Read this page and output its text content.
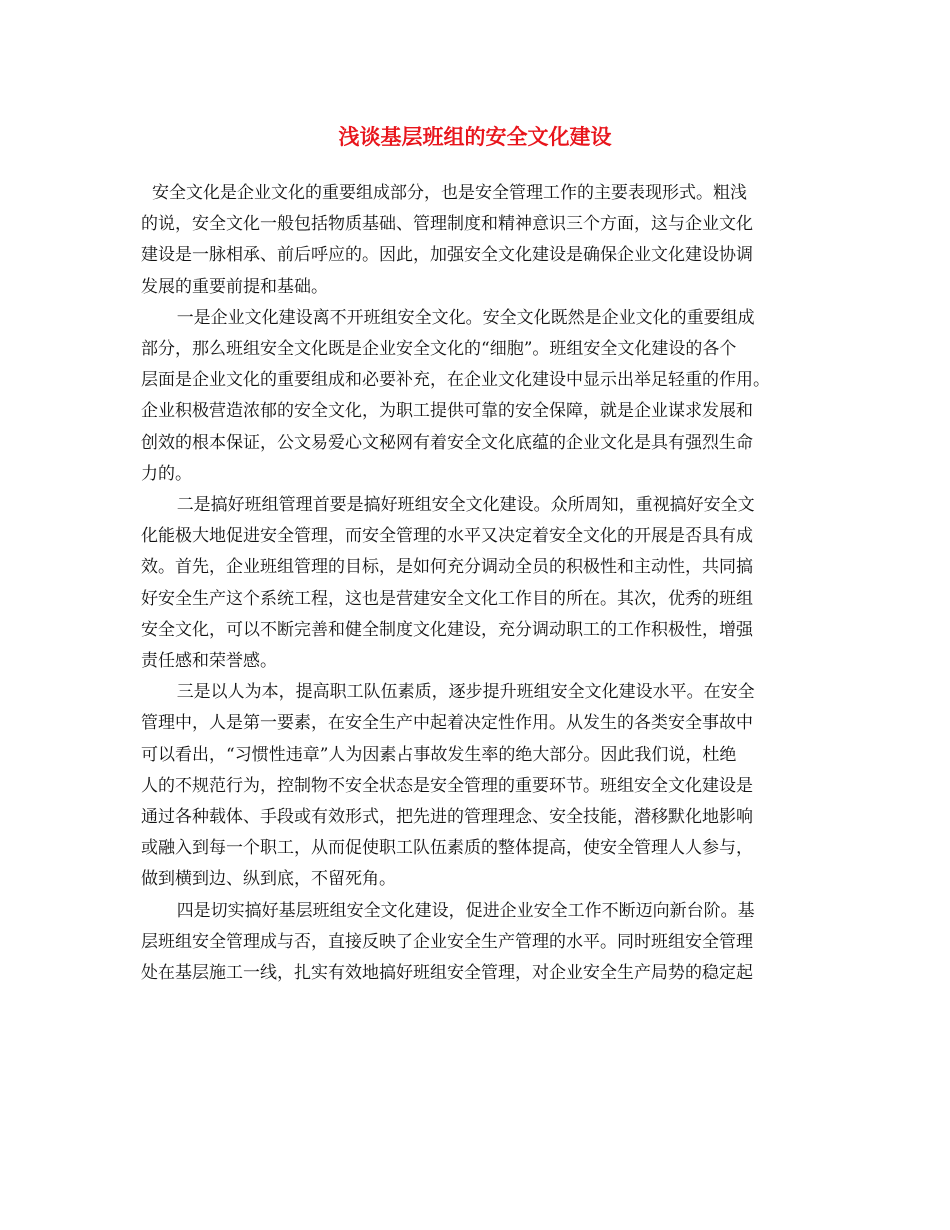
浅谈基层班组的安全文化建设

安全文化是企业文化的重要组成部分，也是安全管理工作的主要表现形式。粗浅
的说，安全文化一般包括物质基础、管理制度和精神意识三个方面，这与企业文化
建设是一脉相承、前后呼应的。因此，加强安全文化建设是确保企业文化建设协调
发展的重要前提和基础。

一是企业文化建设离不开班组安全文化。安全文化既然是企业文化的重要组成
部分，那么班组安全文化既是企业安全文化的“细胞”。班组安全文化建设的各个
层面是企业文化的重要组成和必要补充，在企业文化建设中显示出举足轻重的作用。
企业积极营造浓郁的安全文化，为职工提供可靠的安全保障，就是企业谋求发展和
创效的根本保证，公文易爱心文秘网有着安全文化底蕴的企业文化是具有强烈生命
力的。

二是搞好班组管理首要是搞好班组安全文化建设。众所周知，重视搞好安全文
化能极大地促进安全管理，而安全管理的水平又决定着安全文化的开展是否具有成
效。首先，企业班组管理的目标，是如何充分调动全员的积极性和主动性，共同搞
好安全生产这个系统工程，这也是营建安全文化工作目的所在。其次，优秀的班组
安全文化，可以不断完善和健全制度文化建设，充分调动职工的工作积极性，增强
责任感和荣誉感。

三是以人为本，提高职工队伍素质，逐步提升班组安全文化建设水平。在安全
管理中，人是第一要素，在安全生产中起着决定性作用。从发生的各类安全事故中
可以看出，“习惯性违章”人为因素占事故发生率的绝大部分。因此我们说，杜绝
人的不规范行为，控制物不安全状态是安全管理的重要环节。班组安全文化建设是
通过各种载体、手段或有效形式，把先进的管理理念、安全技能，潜移默化地影响
或融入到每一个职工，从而促使职工队伍素质的整体提高，使安全管理人人参与，
做到横到边、纵到底，不留死角。

四是切实搞好基层班组安全文化建设，促进企业安全工作不断迈向新台阶。基
层班组安全管理成与否，直接反映了企业安全生产管理的水平。同时班组安全管理
处在基层施工一线，扎实有效地搞好班组安全管理，对企业安全生产局势的稳定起
